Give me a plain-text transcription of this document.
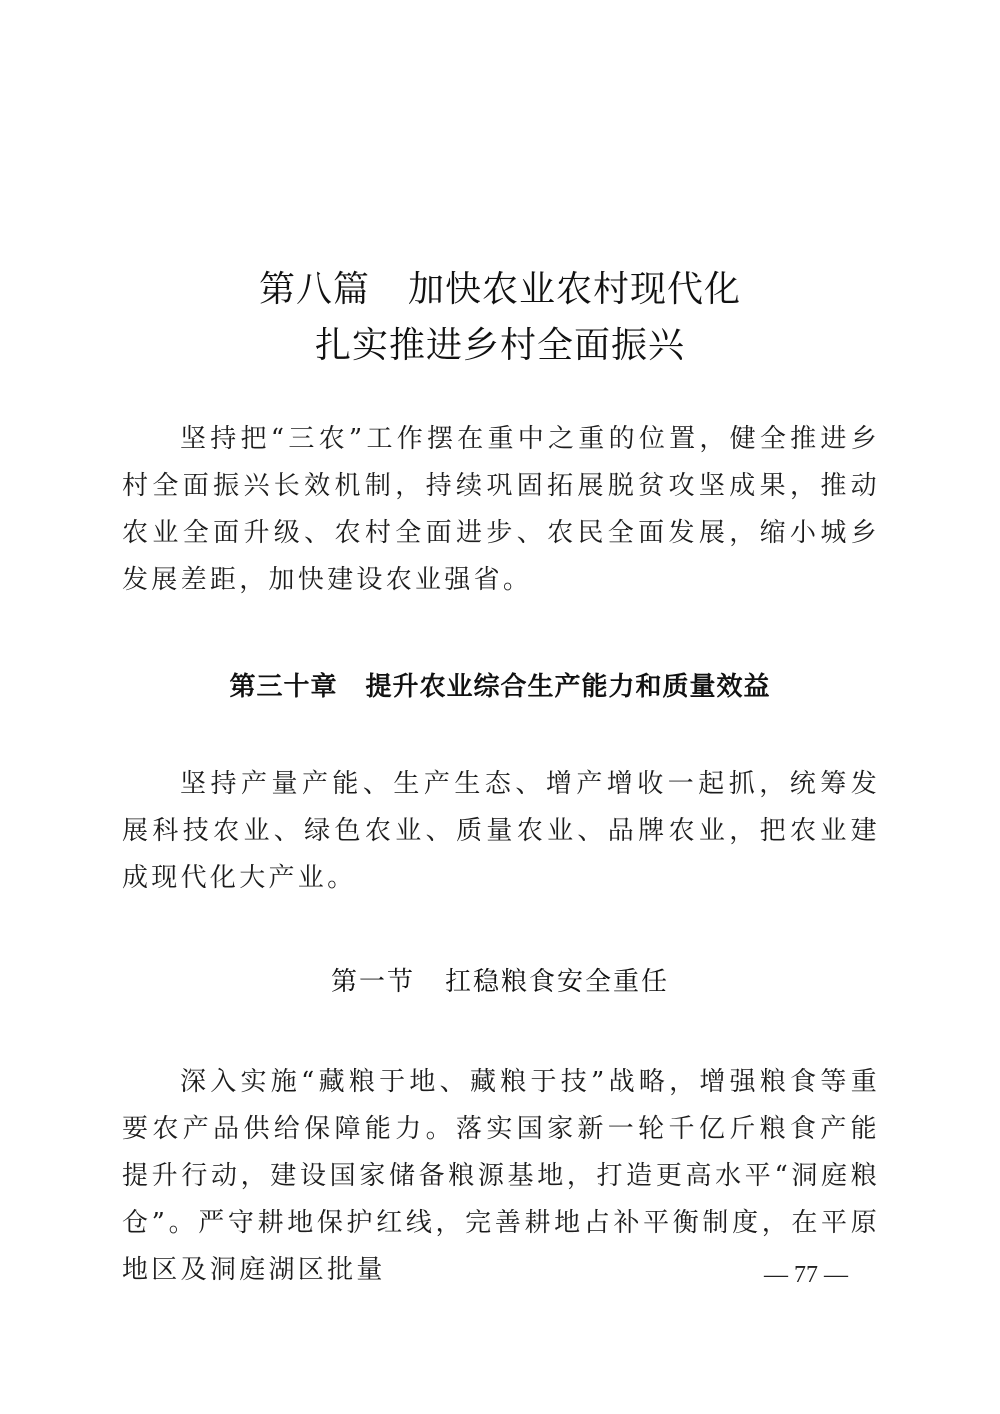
第八篇 加快农业农村现代化
扎实推进乡村全面振兴
坚持把“三农”工作摆在重中之重的位置，健全推进乡村全面振兴长效机制，持续巩固拓展脱贫攻坚成果，推动农业全面升级、农村全面进步、农民全面发展，缩小城乡发展差距，加快建设农业强省。
第三十章 提升农业综合生产能力和质量效益
坚持产量产能、生产生态、增产增收一起抓，统筹发展科技农业、绿色农业、质量农业、品牌农业，把农业建成现代化大产业。
第一节 扛稳粮食安全重任
深入实施“藏粮于地、藏粮于技”战略，增强粮食等重要农产品供给保障能力。落实国家新一轮千亿斤粮食产能提升行动，建设国家储备粮源基地，打造更高水平“洞庭粮仓”。严守耕地保护红线，完善耕地占补平衡制度，在平原地区及洞庭湖区批量	— 77 —
